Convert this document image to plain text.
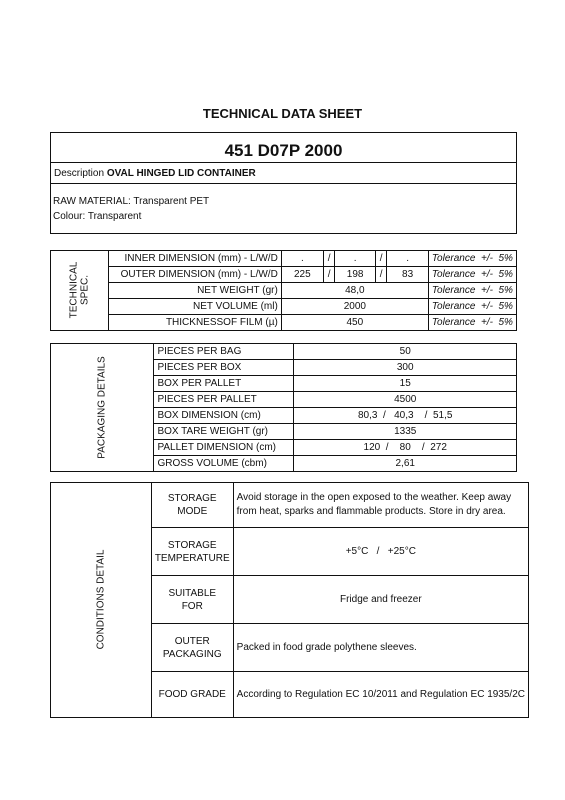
TECHNICAL DATA SHEET
451 D07P 2000
Description OVAL HINGED LID CONTAINER
RAW MATERIAL: Transparent PET
Colour: Transparent
TECHNICAL
SPEC.	INNER DIMENSION (mm) - L/W/D	.	/	.	/	.	Tolerance +/- 5%
	OUTER DIMENSION (mm) - L/W/D	225	/	198	/	83	Tolerance +/- 5%
	NET WEIGHT (gr)	48,0					Tolerance +/- 5%
	NET VOLUME (ml)	2000					Tolerance +/- 5%
	THICKNESSOF FILM (µ)	450					Tolerance +/- 5%
PACKAGING DETAILS	PIECES PER BAG	50
	PIECES PER BOX	300
	BOX PER PALLET	15
	PIECES PER PALLET	4500
	BOX DIMENSION (cm)	80,3  /   40,3    /  51,5
	BOX TARE WEIGHT (gr)	1335
	PALLET DIMENSION (cm)	120  /    80    /  272
	GROSS VOLUME (cbm)	2,61
CONDITIONS DETAIL	STORAGE
MODE	Avoid storage in the open exposed to the weather. Keep away from heat, sparks and flammable products. Store in dry area.
	STORAGE
TEMPERATURE	+5°C   /   +25°C
	SUITABLE
FOR	Fridge and freezer
	OUTER
PACKAGING	Packed in food grade polythene sleeves.
	FOOD GRADE	According to Regulation EC 10/2011 and Regulation EC 1935/2C
